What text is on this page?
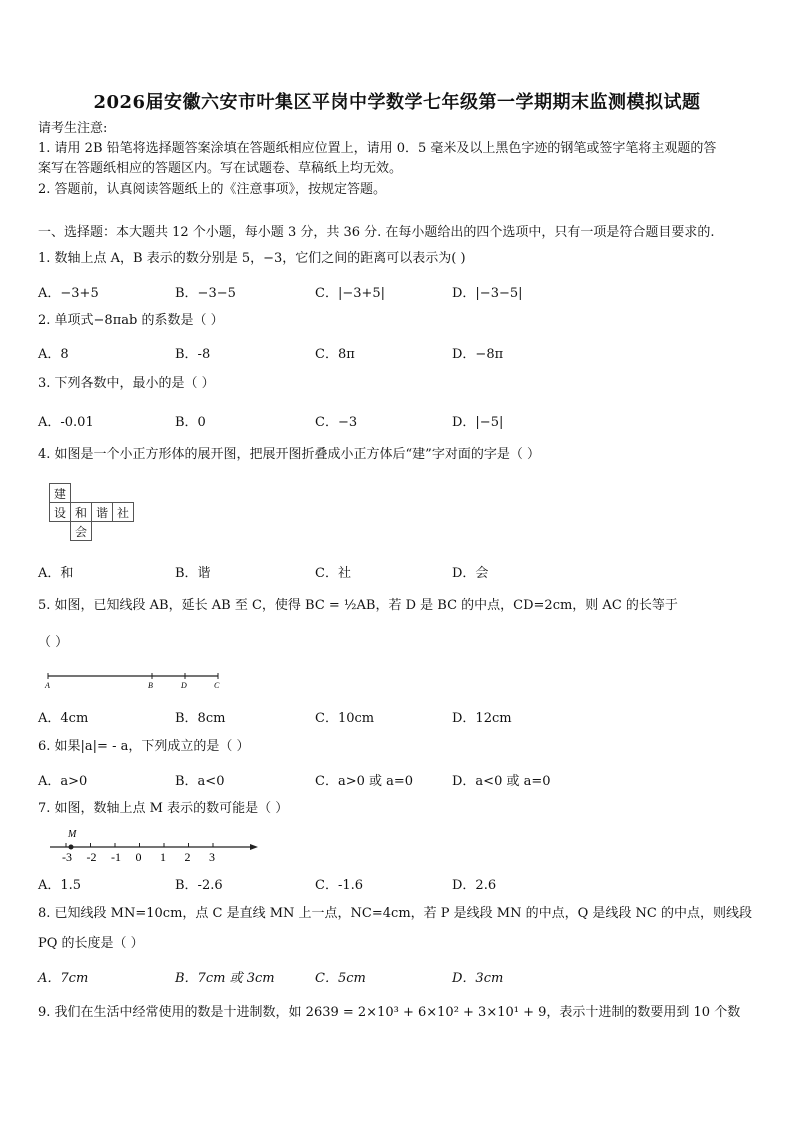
2026届安徽六安市叶集区平岗中学数学七年级第一学期期末监测模拟试题
请考生注意:
1. 请用 2B 铅笔将选择题答案涂填在答题纸相应位置上，请用 0．5 毫米及以上黑色字迹的钢笔或签字笔将主观题的答
案写在答题纸相应的答题区内。写在试题卷、草稿纸上均无效。
2. 答题前，认真阅读答题纸上的《注意事项》，按规定答题。
一、选择题：本大题共 12 个小题，每小题 3 分，共 36 分. 在每小题给出的四个选项中，只有一项是符合题目要求的.
1. 数轴上点 A，B 表示的数分别是 5，−3，它们之间的距离可以表示为( )
A．−3+5	B．−3−5	C．|−3+5|	D．|−3−5|
2. 单项式−8πab 的系数是（ ）
A．8	B．-8	C．8π	D．−8π
3. 下列各数中，最小的是（ ）
A．-0.01	B．0	C．−3	D．|−5|
4. 如图是一个小正方形体的展开图，把展开图折叠成小正方体后“建”字对面的字是（ ）
建			
设	和	谐	社
	会		
A．和	B．谐	C．社	D．会
5. 如图，已知线段 AB，延长 AB 至 C，使得 BC = ½AB，若 D 是 BC 的中点，CD=2cm，则 AC 的长等于
（ ）
A	B	D	C
A．4cm	B．8cm	C．10cm	D．12cm
6. 如果|a|= - a，下列成立的是（ ）
A．a>0	B．a<0	C．a>0 或 a=0	D．a<0 或 a=0
7. 如图，数轴上点 M 表示的数可能是（ ）
M
-3 -2 -1 0 1 2 3
A．1.5	B．-2.6	C．-1.6	D．2.6
8. 已知线段 MN=10cm，点 C 是直线 MN 上一点，NC=4cm，若 P 是线段 MN 的中点，Q 是线段 NC 的中点，则线段
PQ 的长度是（ ）
A．7cm	B．7cm 或 3cm	C．5cm	D．3cm
9. 我们在生活中经常使用的数是十进制数，如 2639 = 2×10³ + 6×10² + 3×10¹ + 9，表示十进制的数要用到 10 个数
